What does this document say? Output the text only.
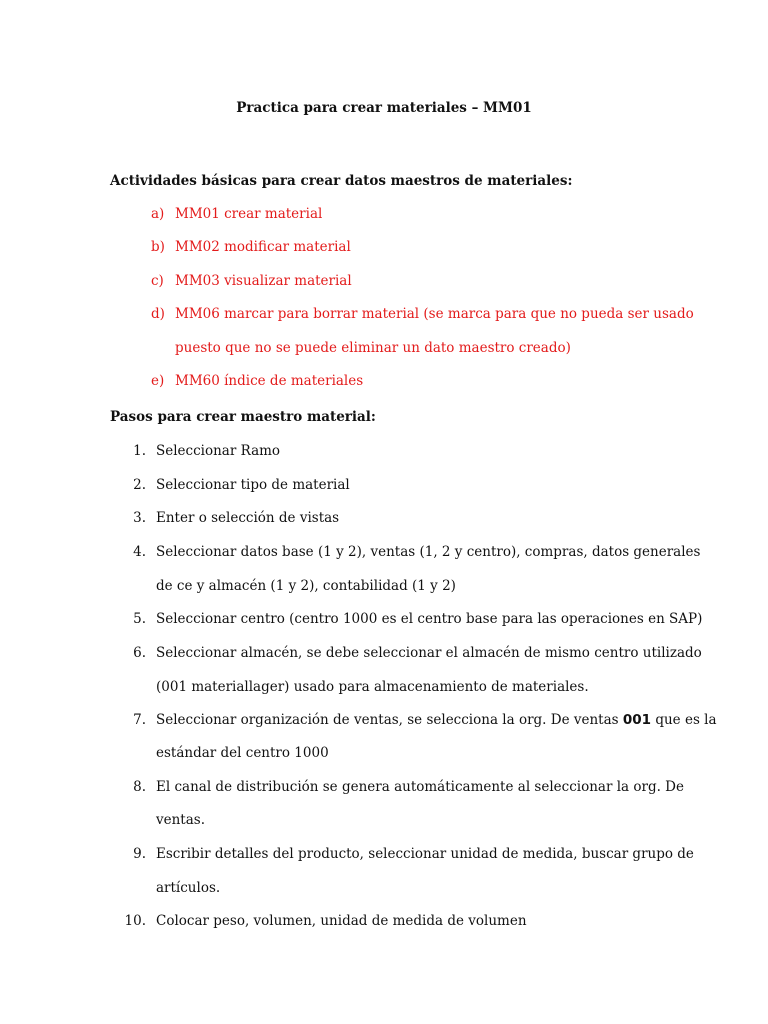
Practica para crear materiales – MM01
Actividades básicas para crear datos maestros de materiales:
a) MM01 crear material
b) MM02 modificar material
c) MM03 visualizar material
d) MM06 marcar para borrar material (se marca para que no pueda ser usado
puesto que no se puede eliminar un dato maestro creado)
e) MM60 índice de materiales
Pasos para crear maestro material:
1. Seleccionar Ramo
2. Seleccionar tipo de material
3. Enter o selección de vistas
4. Seleccionar datos base (1 y 2), ventas (1, 2 y centro), compras, datos generales
de ce y almacén (1 y 2), contabilidad (1 y 2)
5. Seleccionar centro (centro 1000 es el centro base para las operaciones en SAP)
6. Seleccionar almacén, se debe seleccionar el almacén de mismo centro utilizado
(001 materiallager) usado para almacenamiento de materiales.
7. Seleccionar organización de ventas, se selecciona la org. De ventas 001 que es la
estándar del centro 1000
8. El canal de distribución se genera automáticamente al seleccionar la org. De
ventas.
9. Escribir detalles del producto, seleccionar unidad de medida, buscar grupo de
artículos.
10. Colocar peso, volumen, unidad de medida de volumen
